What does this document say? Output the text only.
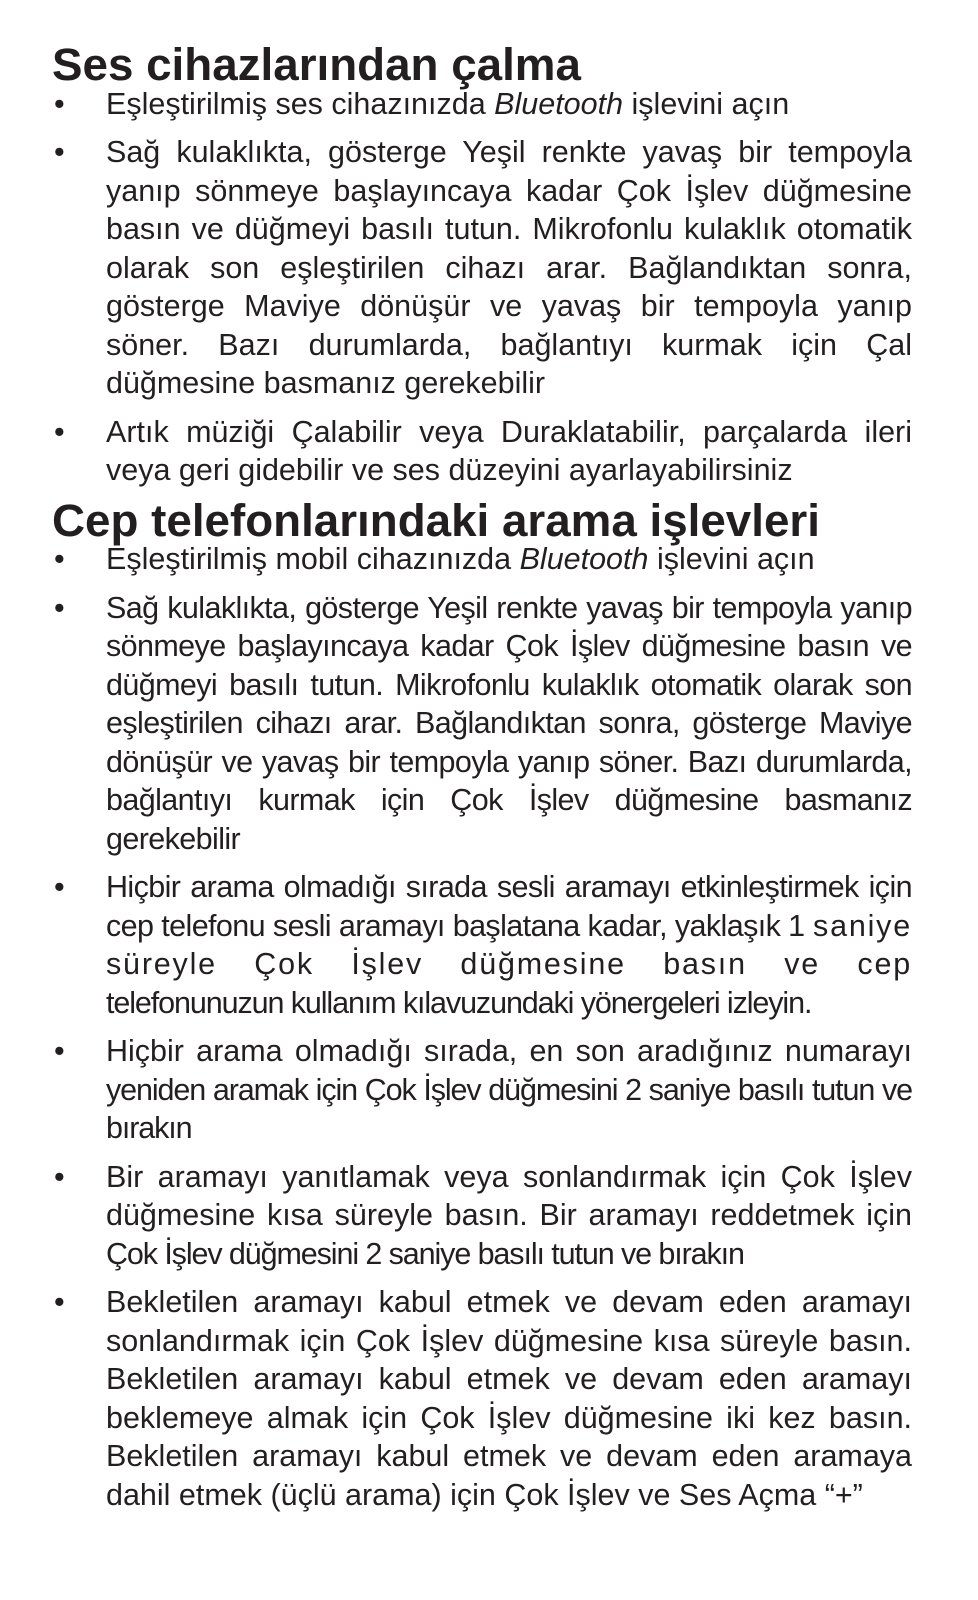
Ses cihazlarından çalma
• Eşleştirilmiş ses cihazınızda Bluetooth işlevini açın
• Sağ kulaklıkta, gösterge Yeşil renkte yavaş bir tempoyla yanıp sönmeye başlayıncaya kadar Çok İşlev düğmesine basın ve düğmeyi basılı tutun. Mikrofonlu kulaklık otomatik olarak son eşleştirilen cihazı arar. Bağlandıktan sonra, gösterge Maviye dönüşür ve yavaş bir tempoyla yanıp söner. Bazı durumlarda, bağlantıyı kurmak için Çal düğmesine basmanız gerekebilir
• Artık müziği Çalabilir veya Duraklatabilir, parçalarda ileri veya geri gidebilir ve ses düzeyini ayarlayabilirsiniz
Cep telefonlarındaki arama işlevleri
• Eşleştirilmiş mobil cihazınızda Bluetooth işlevini açın
• Sağ kulaklıkta, gösterge Yeşil renkte yavaş bir tempoyla yanıp sönmeye başlayıncaya kadar Çok İşlev düğmesine basın ve düğmeyi basılı tutun. Mikrofonlu kulaklık otomatik olarak son eşleştirilen cihazı arar. Bağlandıktan sonra, gösterge Maviye dönüşür ve yavaş bir tempoyla yanıp söner. Bazı durumlarda, bağlantıyı kurmak için Çok İşlev düğmesine basmanız gerekebilir
• Hiçbir arama olmadığı sırada sesli aramayı etkinleştirmek için cep telefonu sesli aramayı başlatana kadar, yaklaşık 1 saniye süreyle Çok İşlev düğmesine basın ve cep telefonunuzun kullanım kılavuzundaki yönergeleri izleyin.
• Hiçbir arama olmadığı sırada, en son aradığınız numarayı yeniden aramak için Çok İşlev düğmesini 2 saniye basılı tutun ve bırakın
• Bir aramayı yanıtlamak veya sonlandırmak için Çok İşlev düğmesine kısa süreyle basın. Bir aramayı reddetmek için Çok İşlev düğmesini 2 saniye basılı tutun ve bırakın
• Bekletilen aramayı kabul etmek ve devam eden aramayı sonlandırmak için Çok İşlev düğmesine kısa süreyle basın. Bekletilen aramayı kabul etmek ve devam eden aramayı beklemeye almak için Çok İşlev düğmesine iki kez basın. Bekletilen aramayı kabul etmek ve devam eden aramaya dahil etmek (üçlü arama) için Çok İşlev ve Ses Açma “+”
